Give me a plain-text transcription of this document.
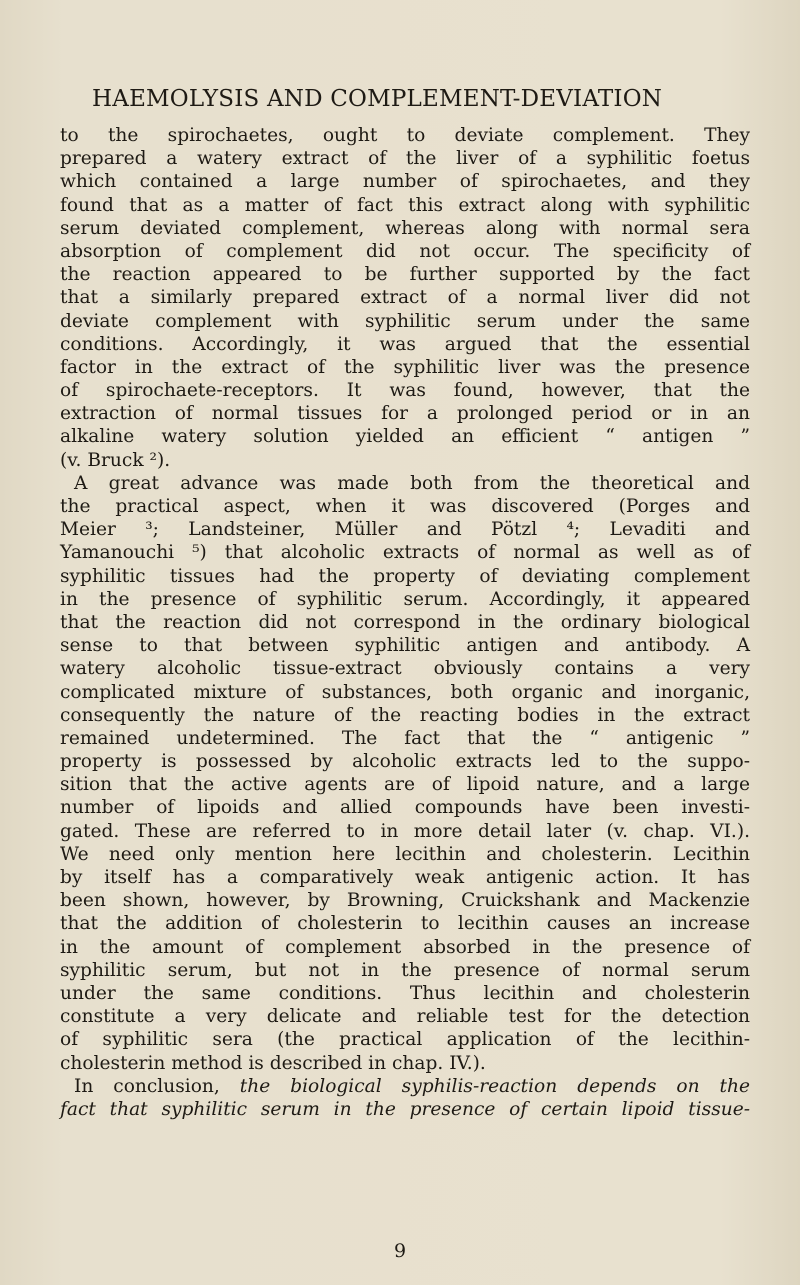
HAEMOLYSIS AND COMPLEMENT-DEVIATION
to the spirochaetes, ought to deviate complement. They
prepared a watery extract of the liver of a syphilitic foetus
which contained a large number of spirochaetes, and they
found that as a matter of fact this extract along with syphilitic
serum deviated complement, whereas along with normal sera
absorption of complement did not occur. The specificity of
the reaction appeared to be further supported by the fact
that a similarly prepared extract of a normal liver did not
deviate complement with syphilitic serum under the same
conditions. Accordingly, it was argued that the essential
factor in the extract of the syphilitic liver was the presence
of spirochaete-receptors. It was found, however, that the
extraction of normal tissues for a prolonged period or in an
alkaline watery solution yielded an efficient “ antigen ”
(v. Bruck ²).
A great advance was made both from the theoretical and
the practical aspect, when it was discovered (Porges and
Meier ³; Landsteiner, Müller and Pötzl ⁴; Levaditi and
Yamanouchi ⁵) that alcoholic extracts of normal as well as of
syphilitic tissues had the property of deviating complement
in the presence of syphilitic serum. Accordingly, it appeared
that the reaction did not correspond in the ordinary biological
sense to that between syphilitic antigen and antibody. A
watery alcoholic tissue-extract obviously contains a very
complicated mixture of substances, both organic and inorganic,
consequently the nature of the reacting bodies in the extract
remained undetermined. The fact that the “ antigenic ”
property is possessed by alcoholic extracts led to the suppo-
sition that the active agents are of lipoid nature, and a large
number of lipoids and allied compounds have been investi-
gated. These are referred to in more detail later (v. chap. VI.).
We need only mention here lecithin and cholesterin. Lecithin
by itself has a comparatively weak antigenic action. It has
been shown, however, by Browning, Cruickshank and Mackenzie
that the addition of cholesterin to lecithin causes an increase
in the amount of complement absorbed in the presence of
syphilitic serum, but not in the presence of normal serum
under the same conditions. Thus lecithin and cholesterin
constitute a very delicate and reliable test for the detection
of syphilitic sera (the practical application of the lecithin-
cholesterin method is described in chap. IV.).
In conclusion, the biological syphilis-reaction depends on the
fact that syphilitic serum in the presence of certain lipoid tissue-
9
